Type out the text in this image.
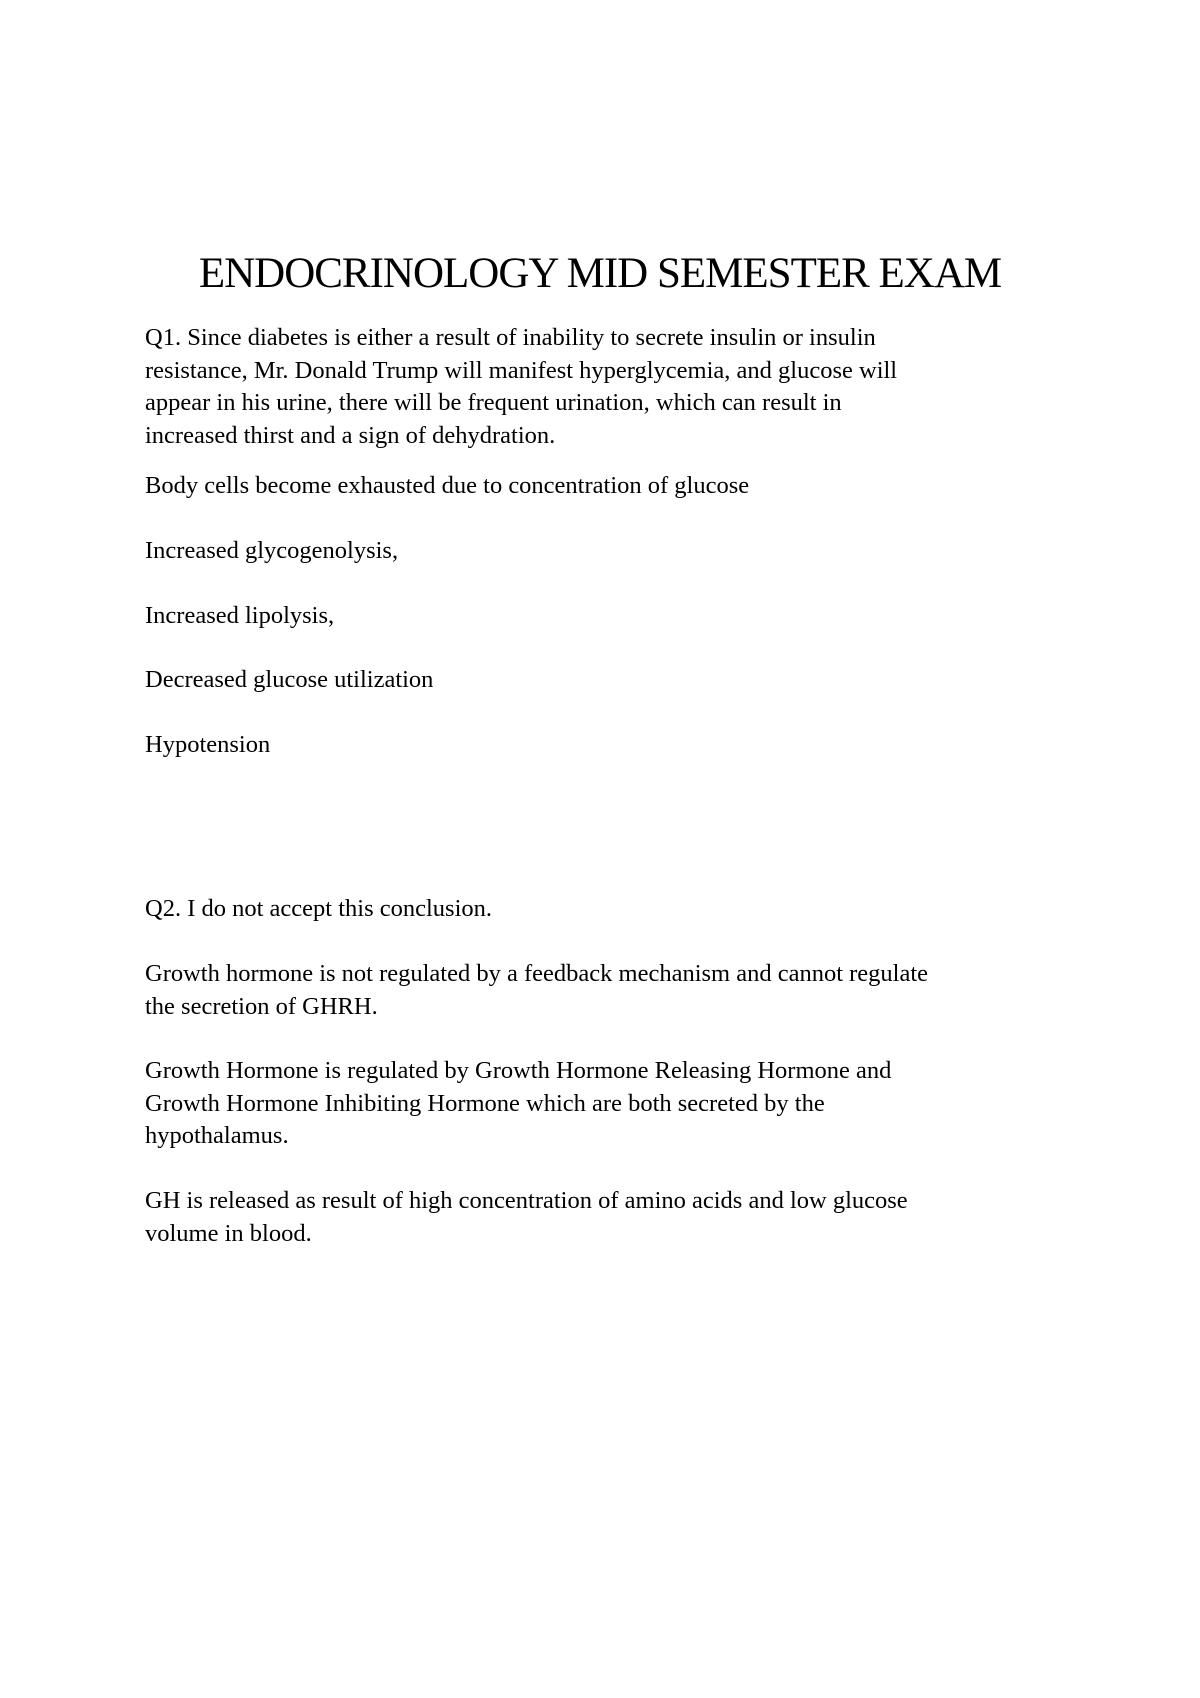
ENDOCRINOLOGY MID SEMESTER EXAM
Q1. Since diabetes is either a result of inability to secrete insulin or insulin
resistance, Mr. Donald Trump will manifest hyperglycemia, and glucose will
appear in his urine, there will be frequent urination, which can result in
increased thirst and a sign of dehydration.
Body cells become exhausted due to concentration of glucose
Increased glycogenolysis,
Increased lipolysis,
Decreased glucose utilization
Hypotension
Q2. I do not accept this conclusion.
Growth hormone is not regulated by a feedback mechanism and cannot regulate
the secretion of GHRH.
Growth Hormone is regulated by Growth Hormone Releasing Hormone and
Growth Hormone Inhibiting Hormone which are both secreted by the
hypothalamus.
GH is released as result of high concentration of amino acids and low glucose
volume in blood.
